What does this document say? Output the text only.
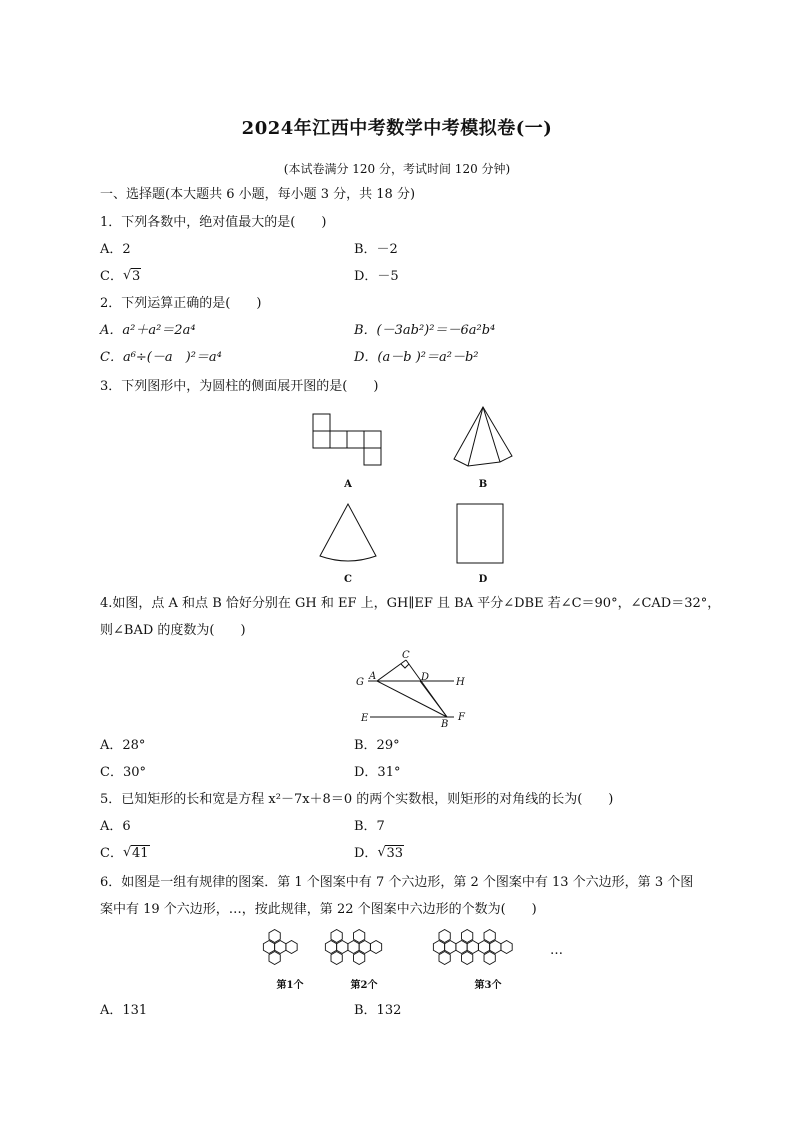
2024年江西中考数学中考模拟卷(一)
(本试卷满分 120 分，考试时间 120 分钟)
一、选择题(本大题共 6 小题，每小题 3 分，共 18 分)
1．下列各数中，绝对值最大的是(　　)
A．2	B．－2
C． √ 3	D．－5
2．下列运算正确的是(　　)
A．a²＋a²＝2a⁴	B．(－3ab²)²＝－6a²b⁴
C．a⁶÷(－a　)²＝a⁴	D．(a－b )²＝a²－b²
3．下列图形中，为圆柱的侧面展开图的是(　　)
A	B
C	D
4.如图，点 A 和点 B 恰好分别在 GH 和 EF 上，GH∥EF 且 BA 平分∠DBE 若∠C＝90°，∠CAD＝32°，
则∠BAD 的度数为(　　)
C
G
A	D	H
E
B
F
A．28°	B．29°
C．30°	D．31°
5．已知矩形的长和宽是方程 x²－7x＋8＝0 的两个实数根，则矩形的对角线的长为(　　)
A．6	B．7
C． √ 41	D． √ 33
6．如图是一组有规律的图案．第 1 个图案中有 7 个六边形，第 2 个图案中有 13 个六边形，第 3 个图
案中有 19 个六边形，…，按此规律，第 22 个图案中六边形的个数为(　　)
…
第1个	第2个	第3个
A．131	B．132
